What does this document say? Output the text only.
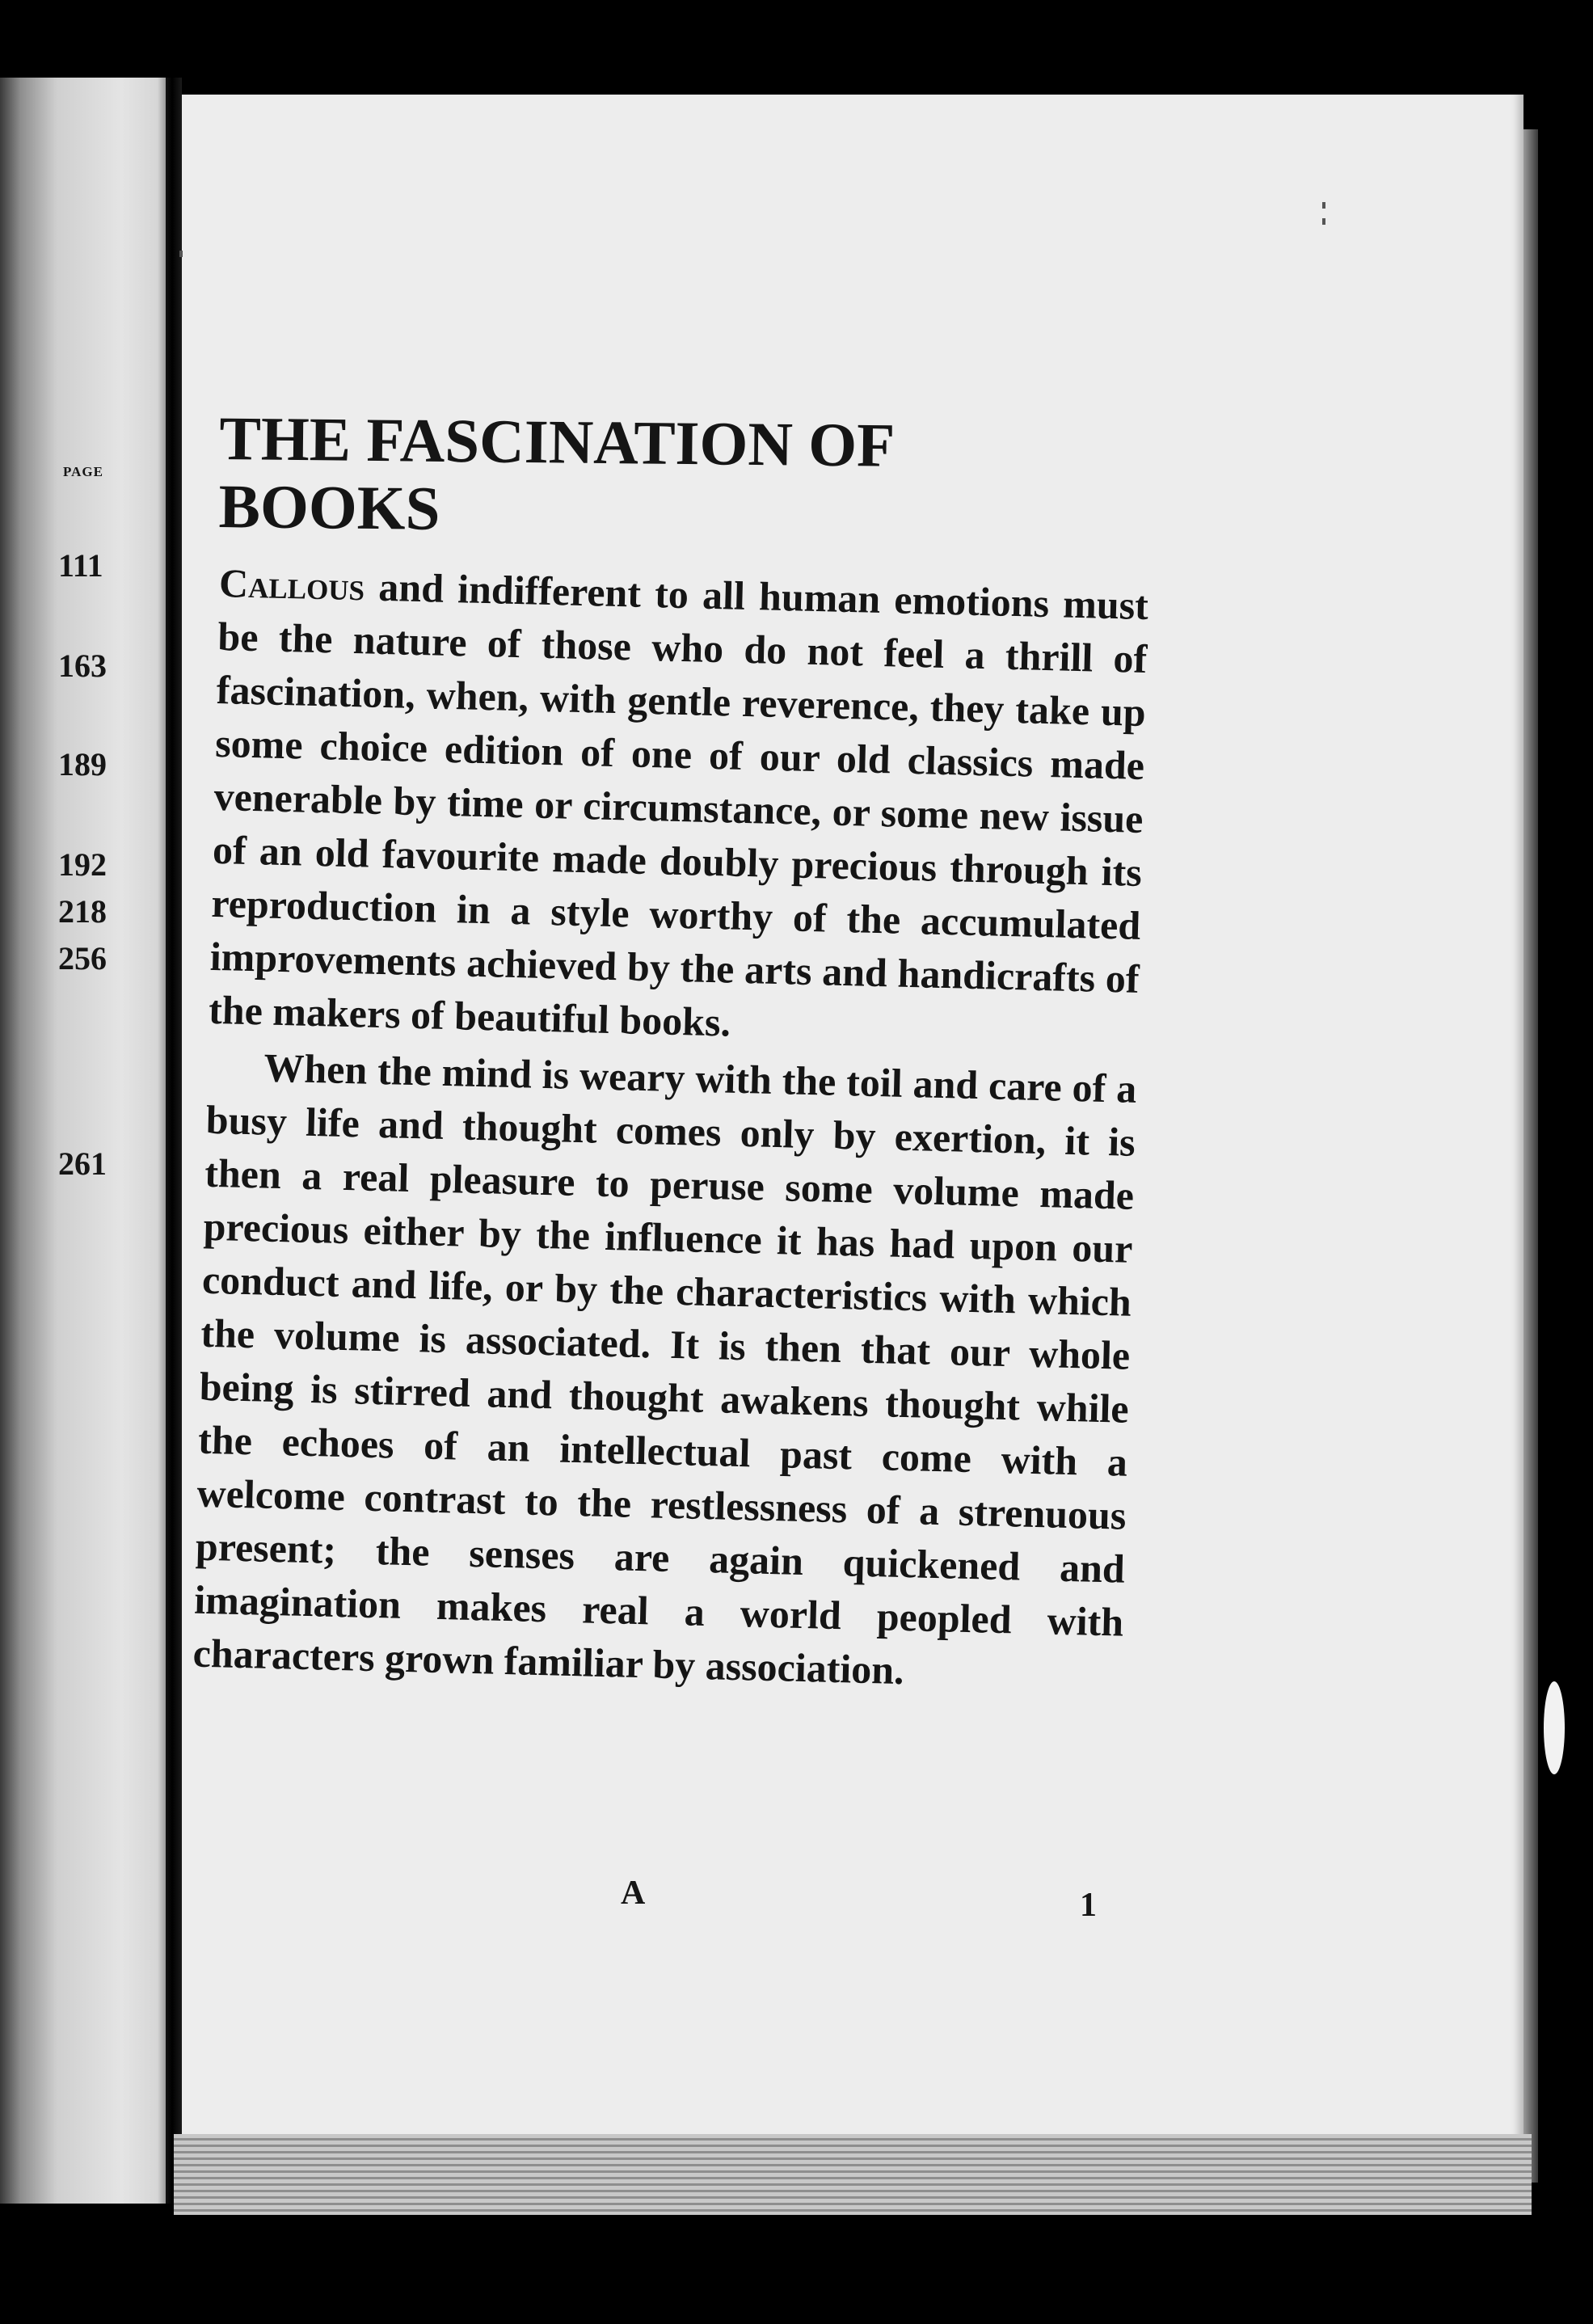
PAGE
111
163
189
192
218
256
261
THE FASCINATION OF
BOOKS

Callous and indifferent to all human emotions must be the nature of those who do not feel a thrill of fascination, when, with gentle reverence, they take up some choice edition of one of our old classics made venerable by time or circumstance, or some new issue of an old favourite made doubly precious through its reproduction in a style worthy of the accumulated improvements achieved by the arts and handicrafts of the makers of beautiful books.

When the mind is weary with the toil and care of a busy life and thought comes only by exertion, it is then a real pleasure to peruse some volume made precious either by the influence it has had upon our conduct and life, or by the characteristics with which the volume is associated. It is then that our whole being is stirred and thought awakens thought while the echoes of an intellectual past come with a welcome contrast to the restlessness of a strenuous present; the senses are again quickened and imagination makes real a world peopled with characters grown familiar by association.

A	1
